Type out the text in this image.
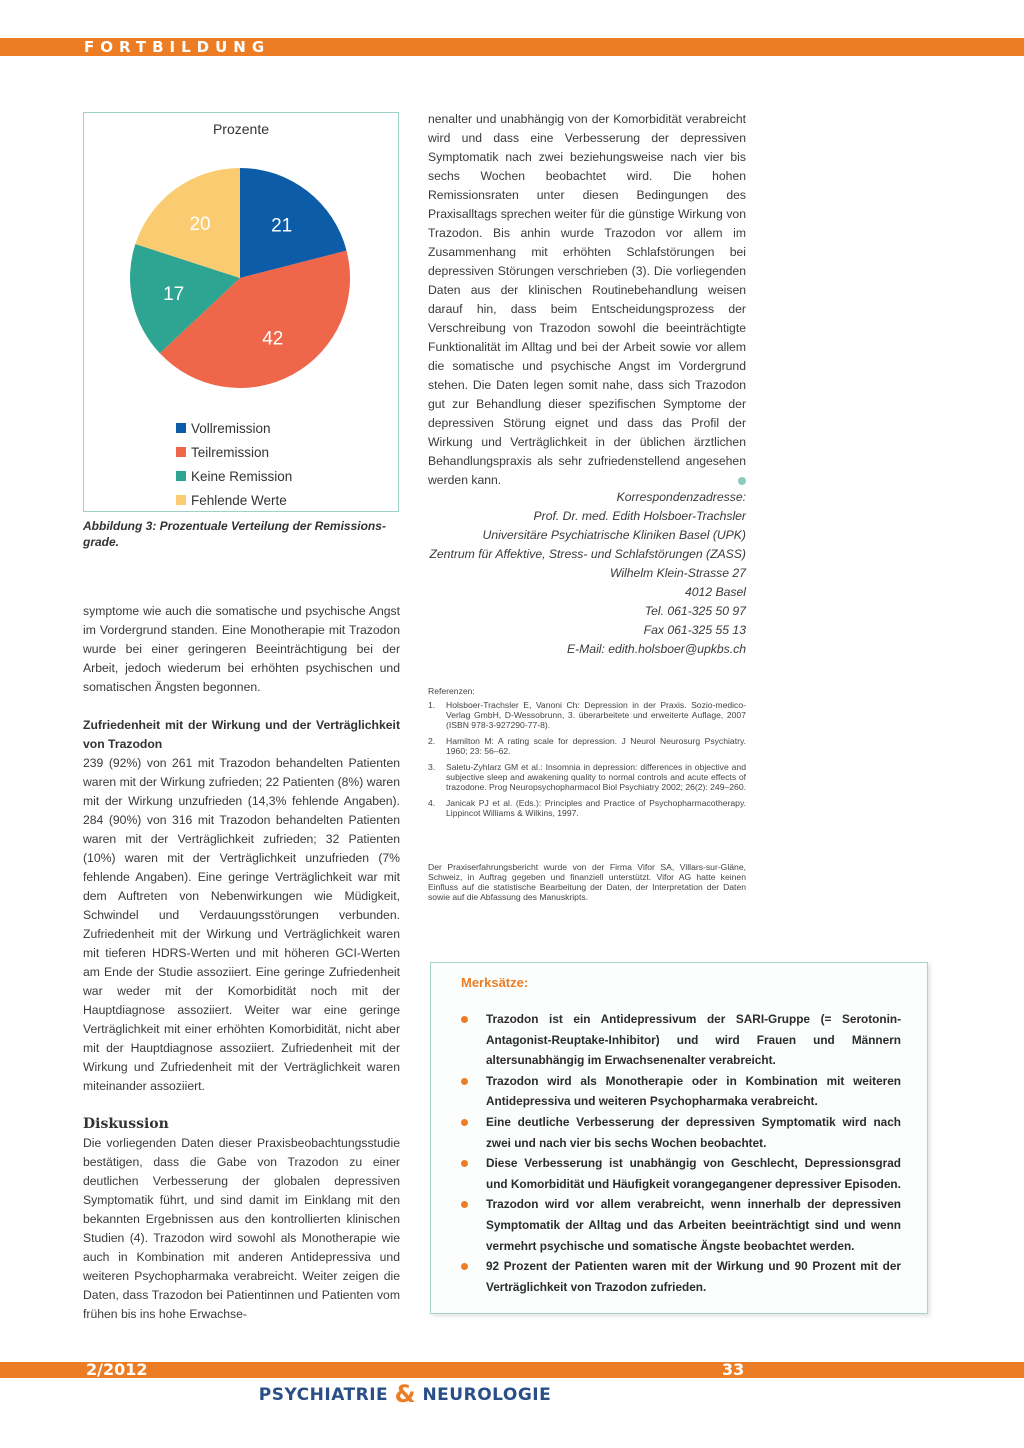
FORTBILDUNG
Prozente
21
42
17
20
Vollremission
Teilremission
Keine Remission
Fehlende Werte
Abbildung 3: Prozentuale Verteilung der Remissionsgrade.

symptome wie auch die somatische und psychische Angst im Vordergrund standen. Eine Monotherapie mit Trazodon wurde bei einer geringeren Beeinträchtigung bei der Arbeit, jedoch wiederum bei erhöhten psychischen und somatischen Ängsten begonnen.

Zufriedenheit mit der Wirkung und der Verträglichkeit von Trazodon

239 (92%) von 261 mit Trazodon behandelten Patienten waren mit der Wirkung zufrieden; 22 Patienten (8%) waren mit der Wirkung unzufrieden (14,3% fehlende Angaben). 284 (90%) von 316 mit Trazodon behandelten Patienten waren mit der Verträglichkeit zufrieden; 32 Patienten (10%) waren mit der Verträglichkeit unzufrieden (7% fehlende Angaben). Eine geringe Verträglichkeit war mit dem Auftreten von Nebenwirkungen wie Müdigkeit, Schwindel und Verdauungsstörungen verbunden. Zufriedenheit mit der Wirkung und Verträglichkeit waren mit tieferen HDRS-Werten und mit höheren GCI-Werten am Ende der Studie assoziiert. Eine geringe Zufriedenheit war weder mit der Komorbidität noch mit der Hauptdiagnose assoziiert. Weiter war eine geringe Verträglichkeit mit einer erhöhten Komorbidität, nicht aber mit der Hauptdiagnose assoziiert. Zufriedenheit mit der Wirkung und Zufriedenheit mit der Verträglichkeit waren miteinander assoziiert.

Diskussion

Die vorliegenden Daten dieser Praxisbeobachtungsstudie bestätigen, dass die Gabe von Trazodon zu einer deutlichen Verbesserung der globalen depressiven Symptomatik führt, und sind damit im Einklang mit den bekannten Ergebnissen aus den kontrollierten klinischen Studien (4). Trazodon wird sowohl als Monotherapie wie auch in Kombination mit anderen Antidepressiva und weiteren Psychopharmaka verabreicht. Weiter zeigen die Daten, dass Trazodon bei Patientinnen und Patienten vom frühen bis ins hohe Erwachse-

nenalter und unabhängig von der Komorbidität verabreicht wird und dass eine Verbesserung der depressiven Symptomatik nach zwei beziehungsweise nach vier bis sechs Wochen beobachtet wird. Die hohen Remissionsraten unter diesen Bedingungen des Praxisalltags sprechen weiter für die günstige Wirkung von Trazodon. Bis anhin wurde Trazodon vor allem im Zusammenhang mit erhöhten Schlafstörungen bei depressiven Störungen verschrieben (3). Die vorliegenden Daten aus der klinischen Routinebehandlung weisen darauf hin, dass beim Entscheidungsprozess der Verschreibung von Trazodon sowohl die beeinträchtigte Funktionalität im Alltag und bei der Arbeit sowie vor allem die somatische und psychische Angst im Vordergrund stehen. Die Daten legen somit nahe, dass sich Trazodon gut zur Behandlung dieser spezifischen Symptome der depressiven Störung eignet und dass das Profil der Wirkung und Verträglichkeit in der üblichen ärztlichen Behandlungspraxis als sehr zufriedenstellend angesehen werden kann.

Korrespondenzadresse:
Prof. Dr. med. Edith Holsboer-Trachsler
Universitäre Psychiatrische Kliniken Basel (UPK)
Zentrum für Affektive, Stress- und Schlafstörungen (ZASS)
Wilhelm Klein-Strasse 27
4012 Basel
Tel. 061-325 50 97
Fax 061-325 55 13
E-Mail: edith.holsboer@upkbs.ch
Referenzen:
1.	Holsboer-Trachsler E, Vanoni Ch: Depression in der Praxis. Sozio-medico-Verlag GmbH, D-Wessobrunn, 3. überarbeitete und erweiterte Auflage, 2007 (ISBN 978-3-927290-77-8).
2.	Hamilton M: A rating scale for depression. J Neurol Neurosurg Psychiatry. 1960; 23: 56–62.
3.	Saletu-Zyhlarz GM et al.: Insomnia in depression: differences in objective and subjective sleep and awakening quality to normal controls and acute effects of trazodone. Prog Neuropsychopharmacol Biol Psychiatry 2002; 26(2): 249–260.
4.	Janicak PJ et al. (Eds.): Principles and Practice of Psychopharmacotherapy. Lippincot Williams & Wilkins, 1997.
Der Praxiserfahrungsbericht wurde von der Firma Vifor SA, Villars-sur-Gläne, Schweiz, in Auftrag gegeben und finanziell unterstützt. Vifor AG hatte keinen Einfluss auf die statistische Bearbeitung der Daten, der Interpretation der Daten sowie auf die Abfassung des Manuskripts.
Merksätze:
Trazodon ist ein Antidepressivum der SARI-Gruppe (= Serotonin-Antagonist-Reuptake-Inhibitor) und wird Frauen und Männern altersunabhängig im Erwachsenenalter verabreicht.
Trazodon wird als Monotherapie oder in Kombination mit weiteren Antidepressiva und weiteren Psychopharmaka verabreicht.
Eine deutliche Verbesserung der depressiven Symptomatik wird nach zwei und nach vier bis sechs Wochen beobachtet.
Diese Verbesserung ist unabhängig von Geschlecht, Depressionsgrad und Komorbidität und Häufigkeit vorangegangener depressiver Episoden.
Trazodon wird vor allem verabreicht, wenn innerhalb der depressiven Symptomatik der Alltag und das Arbeiten beeinträchtigt sind und wenn vermehrt psychische und somatische Ängste beobachtet werden.
92 Prozent der Patienten waren mit der Wirkung und 90 Prozent mit der Verträglichkeit von Trazodon zufrieden.
2/2012	33
PSYCHIATRIE & NEUROLOGIE
